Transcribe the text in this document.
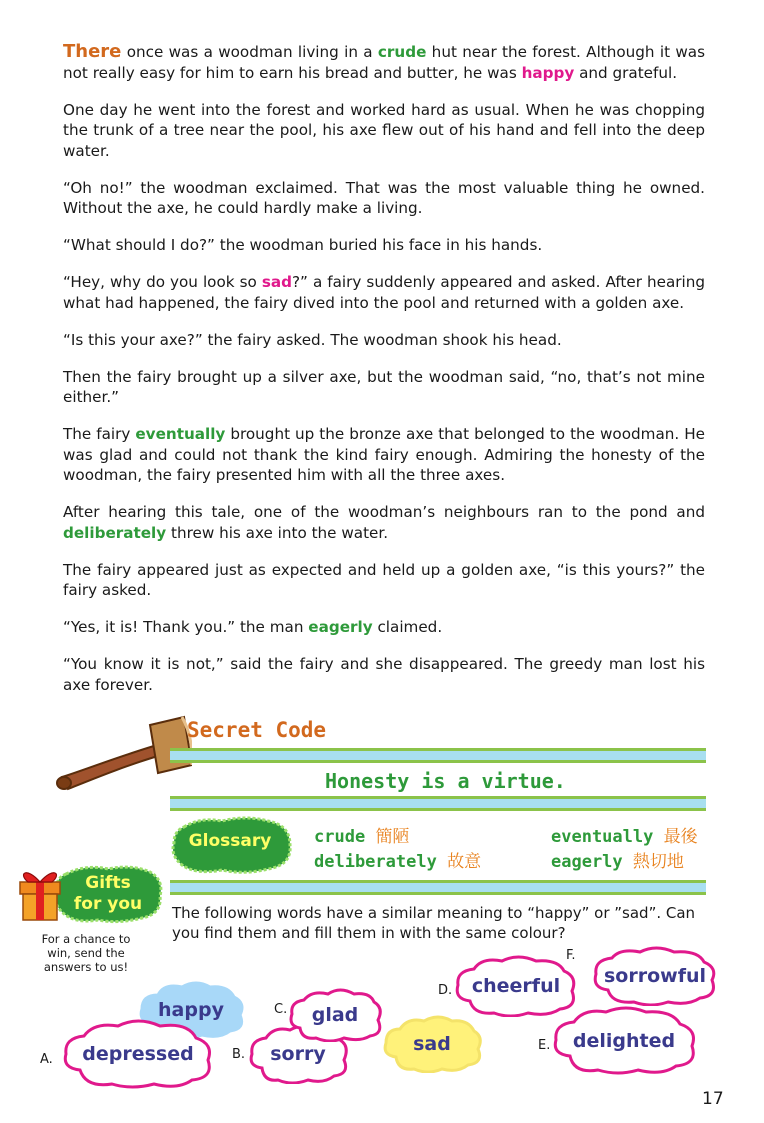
There once was a woodman living in a crude hut near the forest. Although it was not really easy for him to earn his bread and butter, he was happy and grateful.

One day he went into the forest and worked hard as usual. When he was chopping the trunk of a tree near the pool, his axe flew out of his hand and fell into the deep water.

“Oh no!” the woodman exclaimed. That was the most valuable thing he owned. Without the axe, he could hardly make a living.

“What should I do?” the woodman buried his face in his hands.

“Hey, why do you look so sad?” a fairy suddenly appeared and asked. After hearing what had happened, the fairy dived into the pool and returned with a golden axe.

“Is this your axe?” the fairy asked. The woodman shook his head.

Then the fairy brought up a silver axe, but the woodman said, “no, that’s not mine either.”

The fairy eventually brought up the bronze axe that belonged to the woodman. He was glad and could not thank the kind fairy enough. Admiring the honesty of the woodman, the fairy presented him with all the three axes.

After hearing this tale, one of the woodman’s neighbours ran to the pond and deliberately threw his axe into the water.

The fairy appeared just as expected and held up a golden axe, “is this yours?” the fairy asked.

“Yes, it is! Thank you.” the man eagerly claimed.

“You know it is not,” said the fairy and she disappeared. The greedy man lost his axe forever.

Secret Code
Honesty is a virtue.
Glossary	crude 簡陋
deliberately 故意
eventually 最後
eagerly 熱切地
Gifts
for you
For a chance to win, send the answers to us!
The following words have a similar meaning to “happy” or ”sad”. Can you find them and fill them in with the same colour?
happy
sad
depressed
A.	sorry
B.
glad
C.
cheerful
D.
delighted
E.
sorrowful
F.
17
